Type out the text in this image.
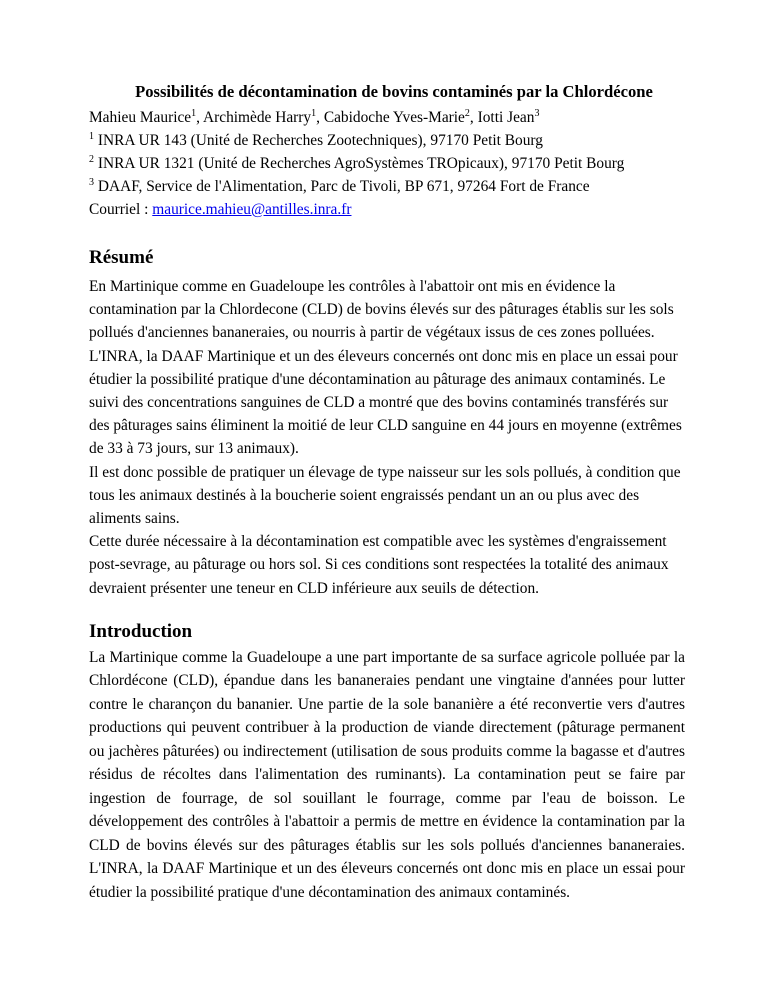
Possibilités de décontamination de bovins contaminés par la Chlordécone
Mahieu Maurice$^1$, Archimède Harry$^1$, Cabidoche Yves-Marie$^2$, Iotti Jean$^3$
$^1$ INRA UR 143 (Unité de Recherches Zootechniques), 97170 Petit Bourg
$^2$ INRA UR 1321 (Unité de Recherches AgroSystèmes TROpicaux), 97170 Petit Bourg
$^3$ DAAF, Service de l'Alimentation, Parc de Tivoli, BP 671, 97264 Fort de France
Courriel : maurice.mahieu@antilles.inra.fr
Résumé
En Martinique comme en Guadeloupe les contrôles à l'abattoir ont mis en évidence la contamination par la Chlordecone (CLD) de bovins élevés sur des pâturages établis sur les sols pollués d'anciennes bananeraies, ou nourris à partir de végétaux issus de ces zones polluées.
L'INRA, la DAAF Martinique et un des éleveurs concernés ont donc mis en place un essai pour étudier la possibilité pratique d'une décontamination au pâturage des animaux contaminés. Le suivi des concentrations sanguines de CLD a montré que des bovins contaminés transférés sur des pâturages sains éliminent la moitié de leur CLD sanguine en 44 jours en moyenne (extrêmes de 33 à 73 jours, sur 13 animaux).
Il est donc possible de pratiquer un élevage de type naisseur sur les sols pollués, à condition que tous les animaux destinés à la boucherie soient engraissés pendant un an ou plus avec des aliments sains.
Cette durée nécessaire à la décontamination est compatible avec les systèmes d'engraissement post-sevrage, au pâturage ou hors sol. Si ces conditions sont respectées la totalité des animaux devraient présenter une teneur en CLD inférieure aux seuils de détection.
Introduction
La Martinique comme la Guadeloupe a une part importante de sa surface agricole polluée par la Chlordécone (CLD), épandue dans les bananeraies pendant une vingtaine d'années pour lutter contre le charançon du bananier. Une partie de la sole bananière a été reconvertie vers d'autres productions qui peuvent contribuer à la production de viande directement (pâturage permanent ou jachères pâturées) ou indirectement (utilisation de sous produits comme la bagasse et d'autres résidus de récoltes dans l'alimentation des ruminants). La contamination peut se faire par ingestion de fourrage, de sol souillant le fourrage, comme par l'eau de boisson. Le développement des contrôles à l'abattoir a permis de mettre en évidence la contamination par la CLD de bovins élevés sur des pâturages établis sur les sols pollués d'anciennes bananeraies. L'INRA, la DAAF Martinique et un des éleveurs concernés ont donc mis en place un essai pour étudier la possibilité pratique d'une décontamination des animaux contaminés.
